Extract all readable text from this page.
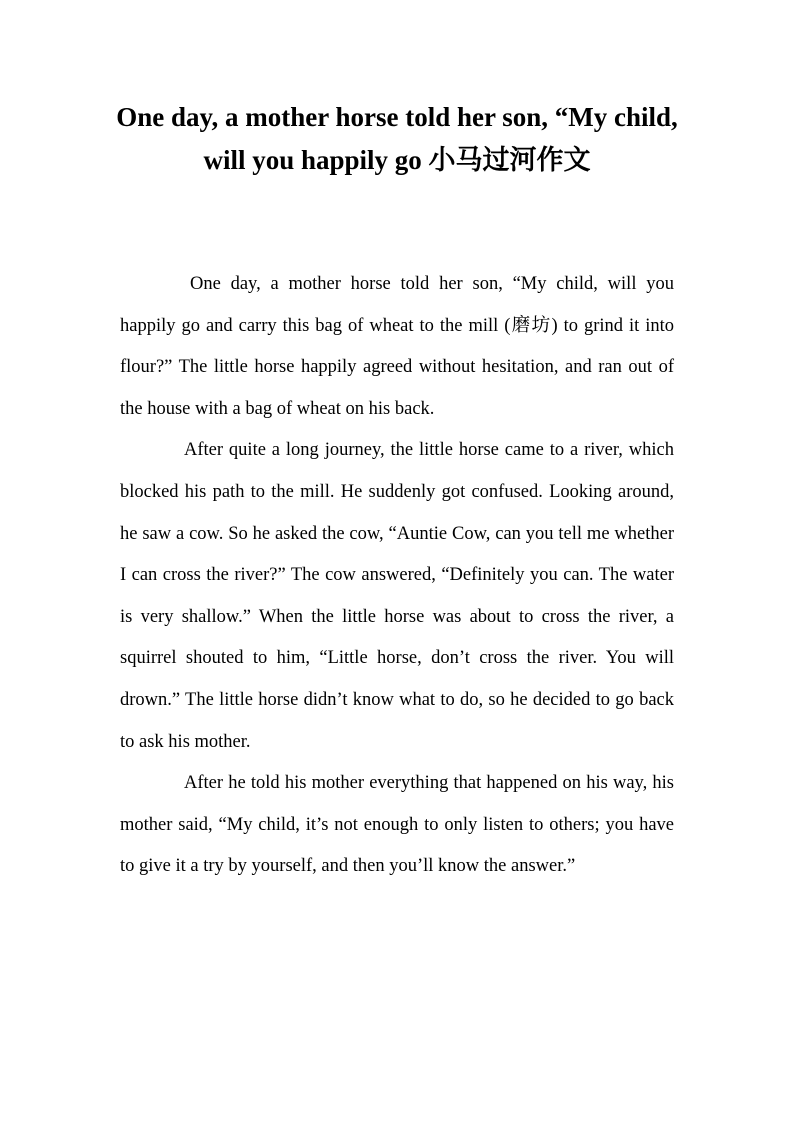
One day, a mother horse told her son, “My child, will you happily go 小马过河作文

One day, a mother horse told her son, “My child, will you happily go and carry this bag of wheat to the mill (磨坊) to grind it into flour?” The little horse happily agreed without hesitation, and ran out of the house with a bag of wheat on his back.

After quite a long journey, the little horse came to a river, which blocked his path to the mill. He suddenly got confused. Looking around, he saw a cow. So he asked the cow, “Auntie Cow, can you tell me whether I can cross the river?” The cow answered, “Definitely you can. The water is very shallow.” When the little horse was about to cross the river, a squirrel shouted to him, “Little horse, don’t cross the river. You will drown.” The little horse didn’t know what to do, so he decided to go back to ask his mother.

After he told his mother everything that happened on his way, his mother said, “My child, it’s not enough to only listen to others; you have to give it a try by yourself, and then you’ll know the answer.”
